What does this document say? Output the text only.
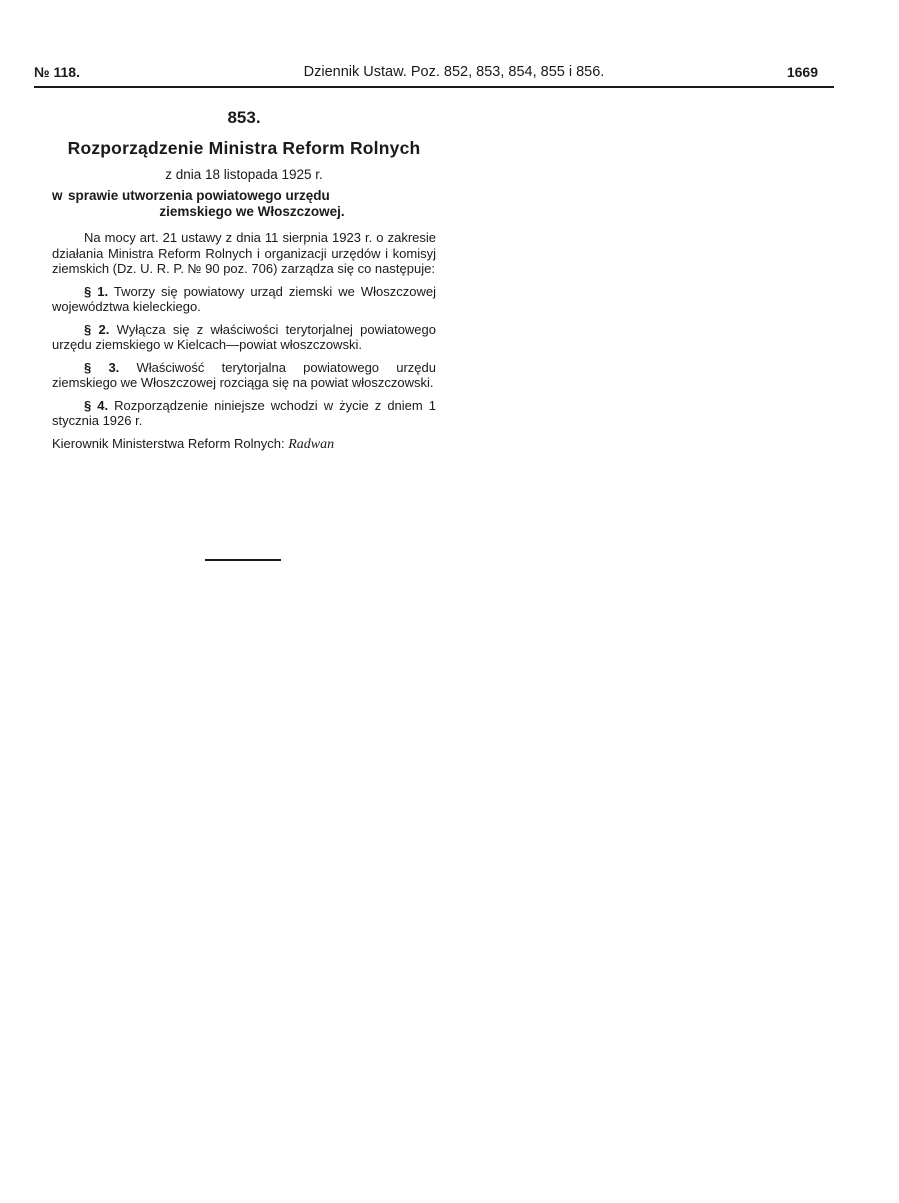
№ 118.	Dziennik Ustaw. Poz. 852, 853, 854, 855 i 856.	1669
853.
Rozporządzenie Ministra Reform Rolnych
z dnia 18 listopada 1925 r.
w sprawie utworzenia powiatowego urzędu
ziemskiego we Włoszczowej.

Na mocy art. 21 ustawy z dnia 11 sierpnia 1923 r. o zakresie działania Ministra Reform Rolnych i organizacji urzędów i komisyj ziemskich (Dz. U. R. P. № 90 poz. 706) zarządza się co następuje:

§ 1. Tworzy się powiatowy urząd ziemski we Włoszczowej województwa kieleckiego.

§ 2. Wyłącza się z właściwości terytorjalnej powiatowego urzędu ziemskiego w Kielcach—powiat włoszczowski.

§ 3. Właściwość terytorjalna powiatowego urzędu ziemskiego we Włoszczowej rozciąga się na powiat włoszczowski.

§ 4. Rozporządzenie niniejsze wchodzi w życie z dniem 1 stycznia 1926 r.

Kierownik Ministerstwa Reform Rolnych: Radwan
